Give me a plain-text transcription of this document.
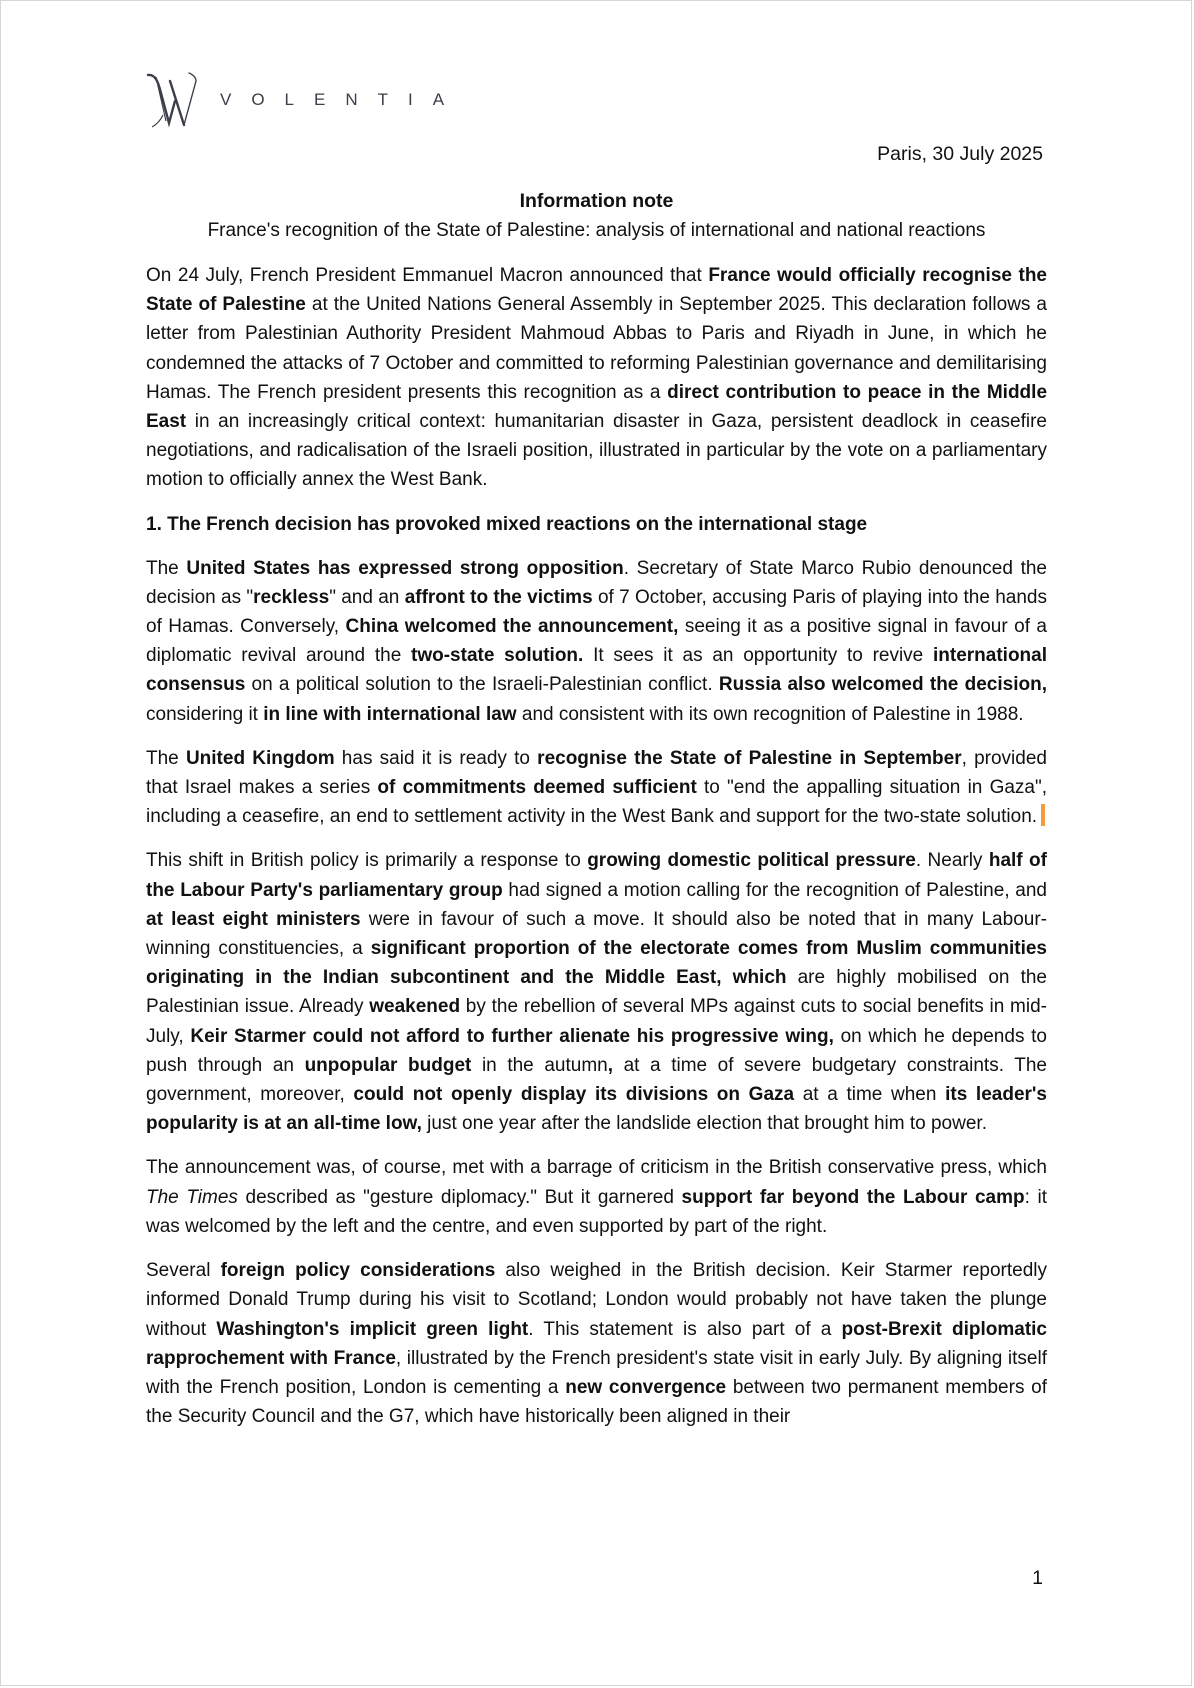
VOLENTIA
Paris, 30 July 2025

Information note

France's recognition of the State of Palestine: analysis of international and national reactions

On 24 July, French President Emmanuel Macron announced that France would officially recognise the State of Palestine at the United Nations General Assembly in September 2025. This declaration follows a letter from Palestinian Authority President Mahmoud Abbas to Paris and Riyadh in June, in which he condemned the attacks of 7 October and committed to reforming Palestinian governance and demilitarising Hamas. The French president presents this recognition as a direct contribution to peace in the Middle East in an increasingly critical context: humanitarian disaster in Gaza, persistent deadlock in ceasefire negotiations, and radicalisation of the Israeli position, illustrated in particular by the vote on a parliamentary motion to officially annex the West Bank.

1. The French decision has provoked mixed reactions on the international stage

The United States has expressed strong opposition. Secretary of State Marco Rubio denounced the decision as "reckless" and an affront to the victims of 7 October, accusing Paris of playing into the hands of Hamas. Conversely, China welcomed the announcement, seeing it as a positive signal in favour of a diplomatic revival around the two-state solution. It sees it as an opportunity to revive international consensus on a political solution to the Israeli-Palestinian conflict. Russia also welcomed the decision, considering it in line with international law and consistent with its own recognition of Palestine in 1988.

The United Kingdom has said it is ready to recognise the State of Palestine in September, provided that Israel makes a series of commitments deemed sufficient to "end the appalling situation in Gaza", including a ceasefire, an end to settlement activity in the West Bank and support for the two-state solution.

This shift in British policy is primarily a response to growing domestic political pressure. Nearly half of the Labour Party's parliamentary group had signed a motion calling for the recognition of Palestine, and at least eight ministers were in favour of such a move. It should also be noted that in many Labour-winning constituencies, a significant proportion of the electorate comes from Muslim communities originating in the Indian subcontinent and the Middle East, which are highly mobilised on the Palestinian issue. Already weakened by the rebellion of several MPs against cuts to social benefits in mid-July, Keir Starmer could not afford to further alienate his progressive wing, on which he depends to push through an unpopular budget in the autumn, at a time of severe budgetary constraints. The government, moreover, could not openly display its divisions on Gaza at a time when its leader's popularity is at an all-time low, just one year after the landslide election that brought him to power.

The announcement was, of course, met with a barrage of criticism in the British conservative press, which The Times described as "gesture diplomacy." But it garnered support far beyond the Labour camp: it was welcomed by the left and the centre, and even supported by part of the right.

Several foreign policy considerations also weighed in the British decision. Keir Starmer reportedly informed Donald Trump during his visit to Scotland; London would probably not have taken the plunge without Washington's implicit green light. This statement is also part of a post-Brexit diplomatic rapprochement with France, illustrated by the French president's state visit in early July. By aligning itself with the French position, London is cementing a new convergence between two permanent members of the Security Council and the G7, which have historically been aligned in their

1
